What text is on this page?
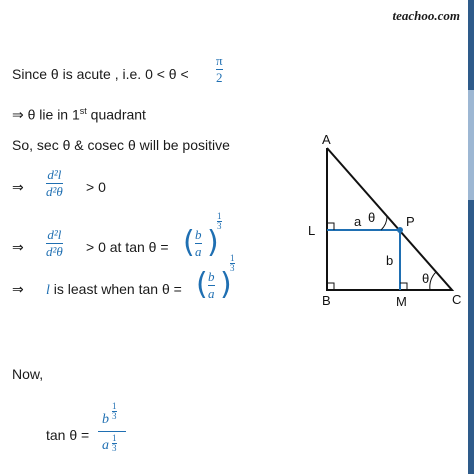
teachoo.com
Since θ is acute , i.e. 0 < θ <
π
2
⇒ θ lie in 1st quadrant
So, sec θ & cosec θ will be positive
⇒
d²l
d²θ > 0
⇒
d²l
d²θ > 0 at tan θ = ( b
a )
1
3
⇒ l is least when tan θ = ( b
a )
1
3
Now,
tan θ =
b
1
3
a 1
3
A
L
B	M	C
P
a
b
θ
θ
